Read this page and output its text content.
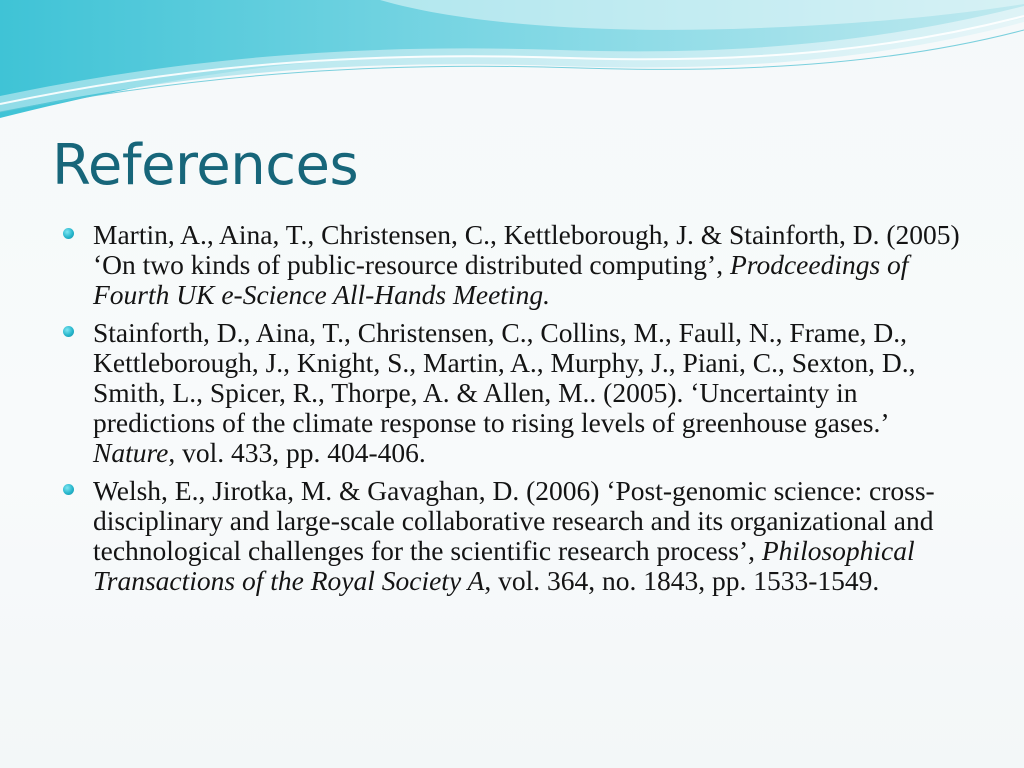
References
Martin, A., Aina, T., Christensen, C., Kettleborough, J. & Stainforth, D. (2005) ‘On two kinds of public-resource distributed computing’, Prodceedings of Fourth UK e-Science All-Hands Meeting.
Stainforth, D., Aina, T., Christensen, C., Collins, M., Faull, N., Frame, D., Kettleborough, J., Knight, S., Martin, A., Murphy, J., Piani, C., Sexton, D., Smith, L., Spicer, R., Thorpe, A. & Allen, M.. (2005). ‘Uncertainty in predictions of the climate response to rising levels of greenhouse gases.’ Nature, vol. 433, pp. 404-406.
Welsh, E., Jirotka, M. & Gavaghan, D. (2006) ‘Post-genomic science: cross-disciplinary and large-scale collaborative research and its organizational and technological challenges for the scientific research process’, Philosophical Transactions of the Royal Society A, vol. 364, no. 1843, pp. 1533-1549.
